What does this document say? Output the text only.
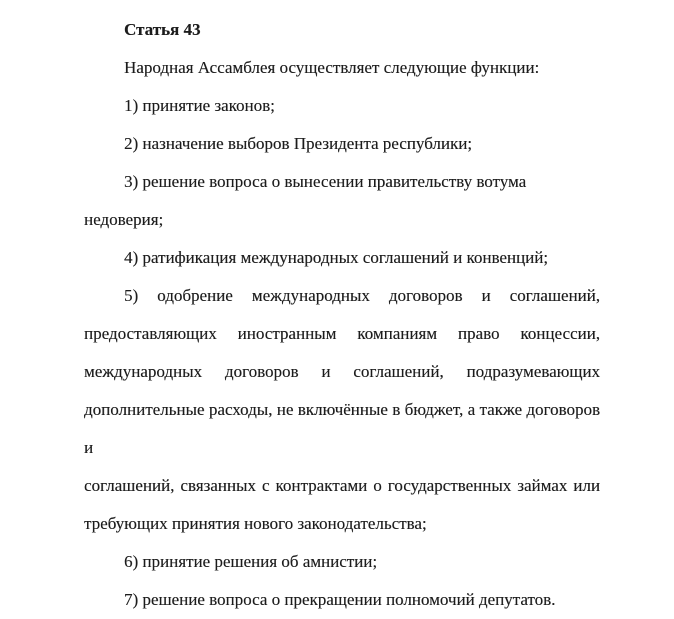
Статья 43

Народная Ассамблея осуществляет следующие функции:

1) принятие законов;

2) назначение выборов Президента республики;

3) решение вопроса о вынесении правительству вотума недоверия;

4) ратификация международных соглашений и конвенций;

5) одобрение международных договоров и соглашений,
предоставляющих иностранным компаниям право концессии,
международных договоров и соглашений, подразумевающих
дополнительные расходы, не включённые в бюджет, а также договоров и
соглашений, связанных с контрактами о государственных займах или
требующих принятия нового законодательства;

6) принятие решения об амнистии;

7) решение вопроса о прекращении полномочий депутатов.
